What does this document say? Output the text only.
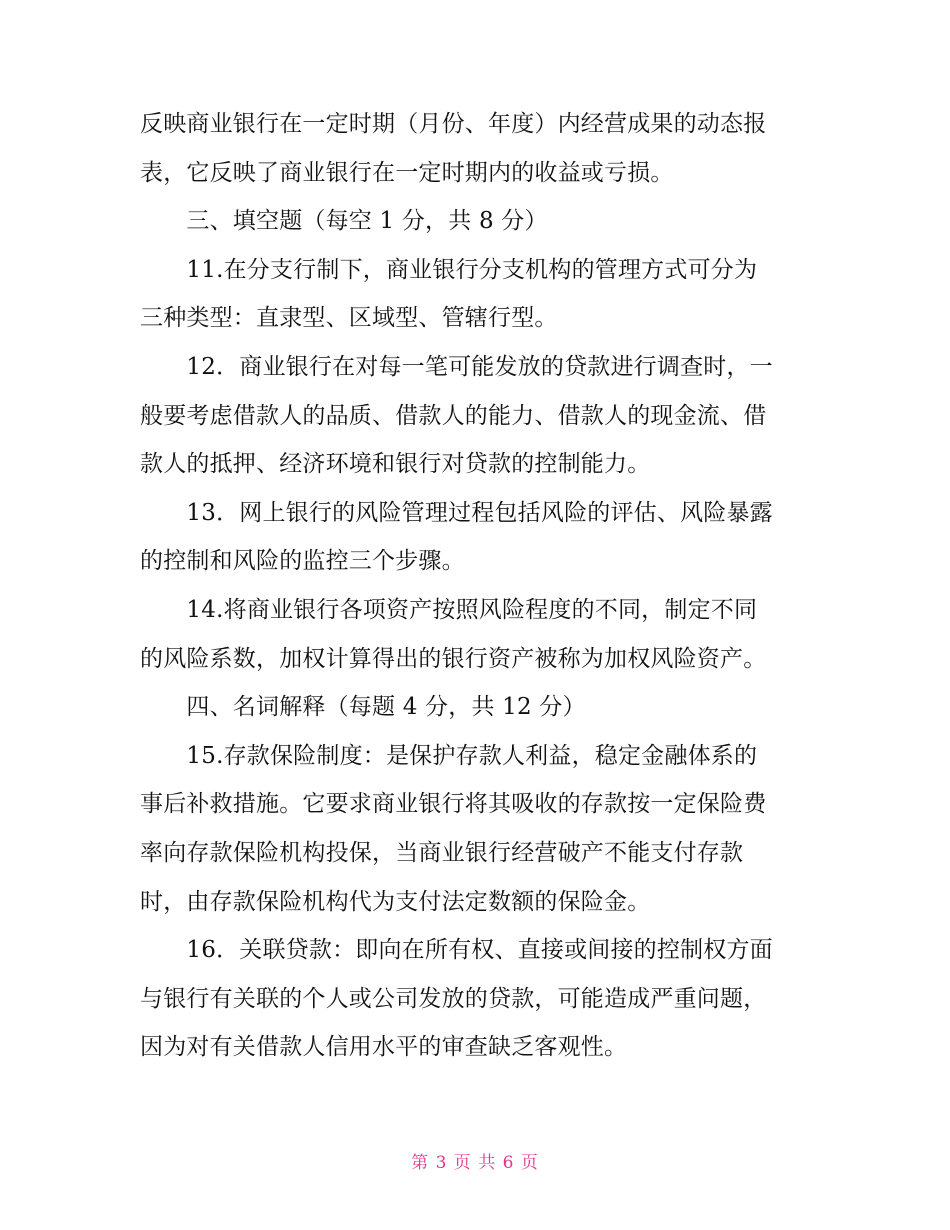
反映商业银行在一定时期（月份、年度）内经营成果的动态报
表，它反映了商业银行在一定时期内的收益或亏损。
　　三、填空题（每空 1 分，共 8 分）
　　11.在分支行制下，商业银行分支机构的管理方式可分为
三种类型：直隶型、区域型、管辖行型。
　　12．商业银行在对每一笔可能发放的贷款进行调查时，一
般要考虑借款人的品质、借款人的能力、借款人的现金流、借
款人的抵押、经济环境和银行对贷款的控制能力。
　　13．网上银行的风险管理过程包括风险的评估、风险暴露
的控制和风险的监控三个步骤。
　　14.将商业银行各项资产按照风险程度的不同，制定不同
的风险系数，加权计算得出的银行资产被称为加权风险资产。
　　四、名词解释（每题 4 分，共 12 分）
　　15.存款保险制度：是保护存款人利益，稳定金融体系的
事后补救措施。它要求商业银行将其吸收的存款按一定保险费
率向存款保险机构投保，当商业银行经营破产不能支付存款
时，由存款保险机构代为支付法定数额的保险金。
　　16．关联贷款：即向在所有权、直接或间接的控制权方面
与银行有关联的个人或公司发放的贷款，可能造成严重问题，
因为对有关借款人信用水平的审查缺乏客观性。
第 3 页 共 6 页
